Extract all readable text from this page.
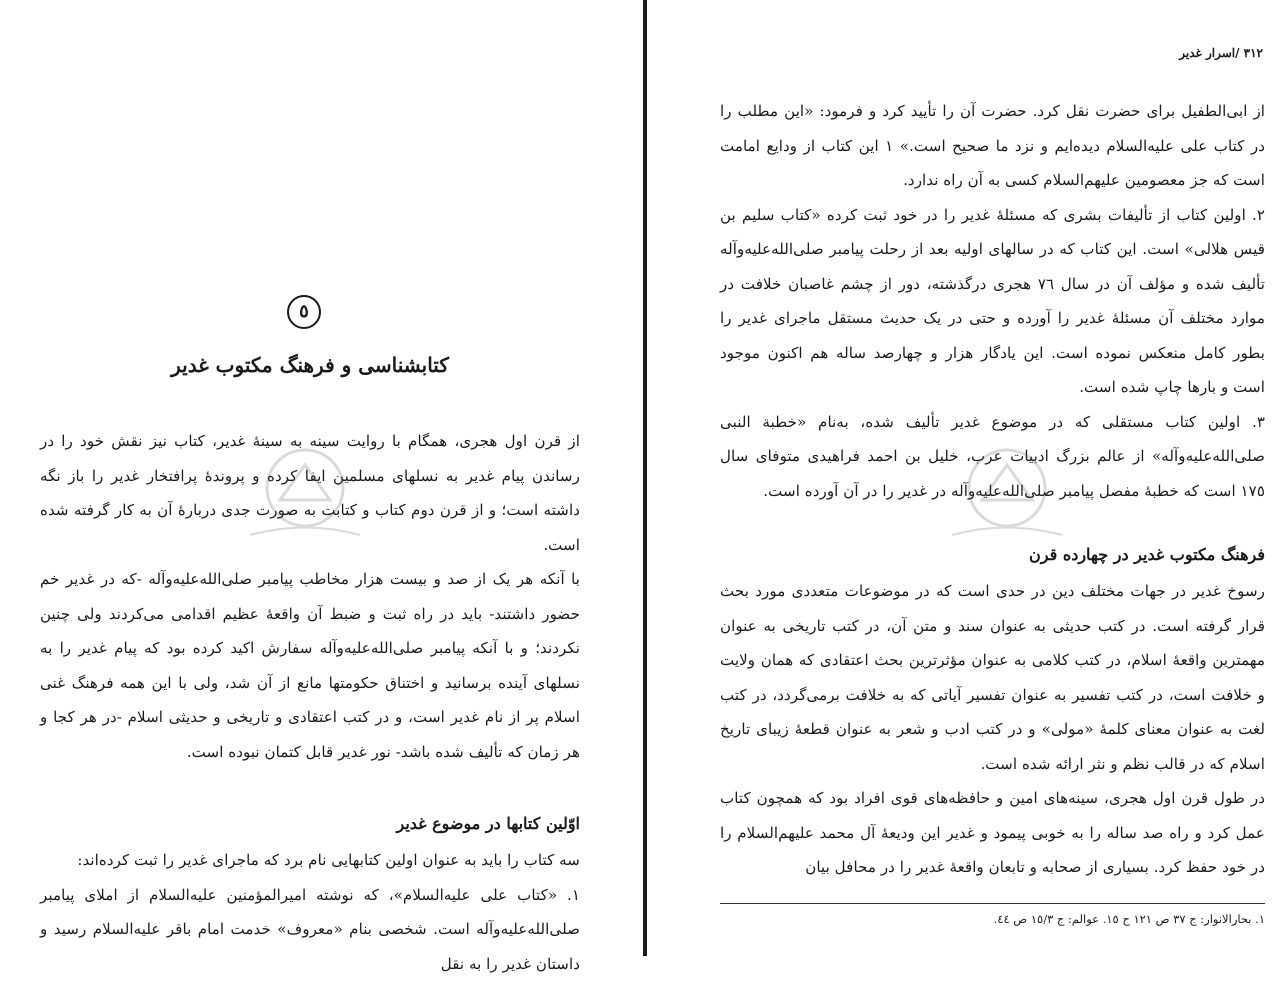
٥
کتابشناسی و فرهنگ مکتوب غدیر

از قرن اول هجری، همگام با روایت سینه به سینهٔ غدیر، کتاب نیز نقش خود را در رساندن پیام غدیر به نسلهای مسلمین ایفا کرده و پروندهٔ پرافتخار غدیر را باز نگه داشته است؛ و از قرن دوم کتاب و کتابت به صورت جدی دربارهٔ آن به کار گرفته شده است.

با آنکه هر یک از صد و بیست هزار مخاطب پیامبر صلی‌الله‌علیه‌وآله -که در غدیر خم حضور داشتند- باید در راه ثبت و ضبط آن واقعهٔ عظیم اقدامی می‌کردند ولی چنین نکردند؛ و با آنکه پیامبر صلی‌الله‌علیه‌وآله سفارش اکید کرده بود که پیام غدیر را به نسلهای آینده برسانید و اختناق حکومتها مانع از آن شد، ولی با این همه فرهنگ غنی اسلام پر از نام غدیر است، و در کتب اعتقادی و تاریخی و حدیثی اسلام -در هر کجا و هر زمان که تألیف شده باشد- نور غدیر قابل کتمان نبوده است.

اوّلین کتابها در موضوع غدیر

سه کتاب را باید به عنوان اولین کتابهایی نام برد که ماجرای غدیر را ثبت کرده‌اند:

١. «کتاب علی علیه‌السلام»، که نوشته امیرالمؤمنین علیه‌السلام از املای پیامبر صلی‌الله‌علیه‌وآله است. شخصی بنام «معروف» خدمت امام باقر علیه‌السلام رسید و داستان غدیر را به نقل

٣١٢ /اسرار غدیر

از ابی‌الطفیل برای حضرت نقل کرد. حضرت آن را تأیید کرد و فرمود: «این مطلب را در کتاب علی علیه‌السلام دیده‌ایم و نزد ما صحیح است.» ١ این کتاب از ودایع امامت است که جز معصومین علیهم‌السلام کسی به آن راه ندارد.

٢. اولین کتاب از تألیفات بشری که مسئلهٔ غدیر را در خود ثبت کرده «کتاب سلیم بن قیس هلالی» است. این کتاب که در سالهای اولیه بعد از رحلت پیامبر صلی‌الله‌علیه‌وآله تألیف شده و مؤلف آن در سال ٧٦ هجری درگذشته، دور از چشم غاصبان خلافت در موارد مختلف آن مسئلهٔ غدیر را آورده و حتی در یک حدیث مستقل ماجرای غدیر را بطور کامل منعکس نموده است. این یادگار هزار و چهارصد ساله هم اکنون موجود است و بارها چاپ شده است.

٣. اولین کتاب مستقلی که در موضوع غدیر تألیف شده، به‌نام «خطبة النبی صلی‌الله‌علیه‌وآله» از عالم بزرگ ادبیات عرب، خلیل بن احمد فراهیدی متوفای سال ١٧٥ است که خطبهٔ مفصل پیامبر صلی‌الله‌علیه‌وآله در غدیر را در آن آورده است.

فرهنگ مکتوب غدیر در چهارده قرن

رسوخ غدیر در جهات مختلف دین در حدی است که در موضوعات متعددی مورد بحث قرار گرفته است. در کتب حدیثی به عنوان سند و متن آن، در کتب تاریخی به عنوان مهمترین واقعهٔ اسلام، در کتب کلامی به عنوان مؤثرترین بحث اعتقادی که همان ولایت و خلافت است، در کتب تفسیر به عنوان تفسیر آیاتی که به خلافت برمی‌گردد، در کتب لغت به عنوان معنای کلمهٔ «مولی» و در کتب ادب و شعر به عنوان قطعهٔ زیبای تاریخ اسلام که در قالب نظم و نثر ارائه شده است.

در طول قرن اول هجری، سینه‌های امین و حافظه‌های قوی افراد بود که همچون کتاب عمل کرد و راه صد ساله را به خوبی پیمود و غدیر این ودیعهٔ آل محمد علیهم‌السلام را در خود حفظ کرد. بسیاری از صحابه و تابعان واقعهٔ غدیر را در محافل بیان

١. بحارالانوار: ج ٣٧ ص ١٢١ ح ١٥. عوالم: ج ١٥/٣ ص ٤٤.
